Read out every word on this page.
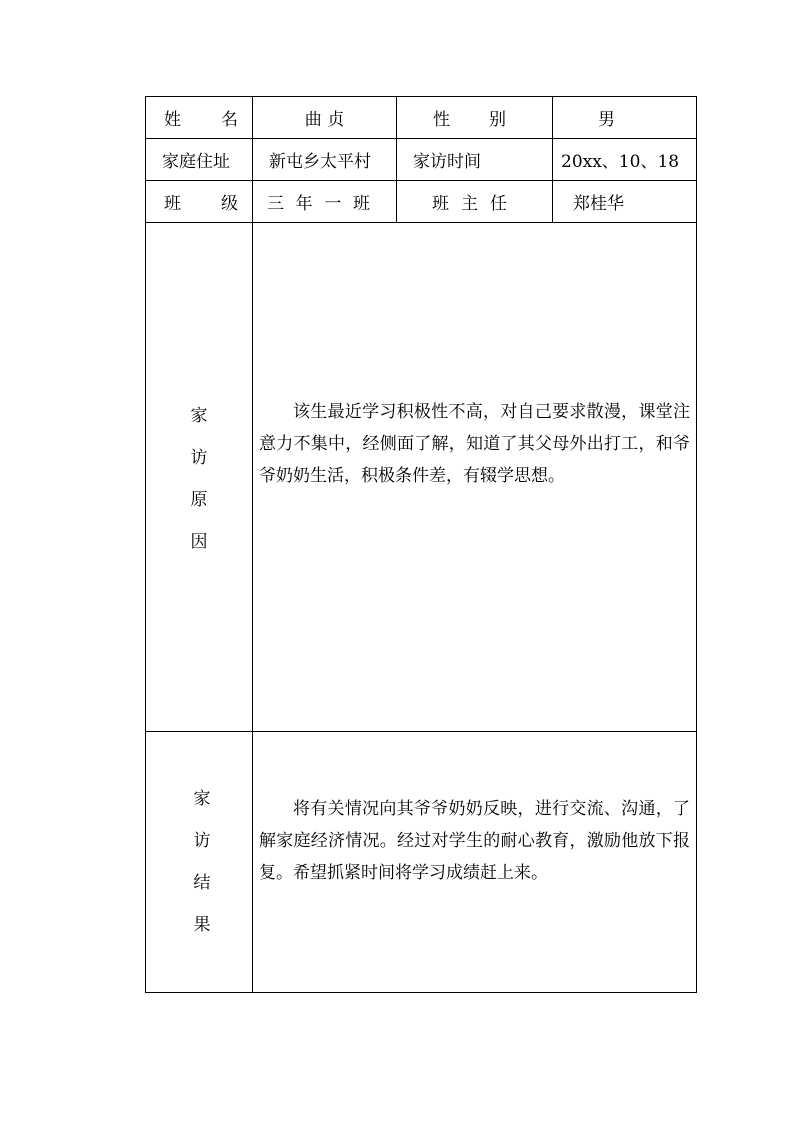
姓 名	曲 贞	性 别	男
家庭住址	新屯乡太平村	家访时间	20xx、10、18

班 级	三 年 一 班	班 主 任	郑桂华

家
访
原
因	该生最近学习积极性不高，对自己要求散漫，课堂注意力不集中，经侧面了解，知道了其父母外出打工，和爷爷奶奶生活，积极条件差，有辍学思想。		

家
访
结
果	将有关情况向其爷爷奶奶反映，进行交流、沟通，了解家庭经济情况。经过对学生的耐心教育，激励他放下报复。希望抓紧时间将学习成绩赶上来。		
